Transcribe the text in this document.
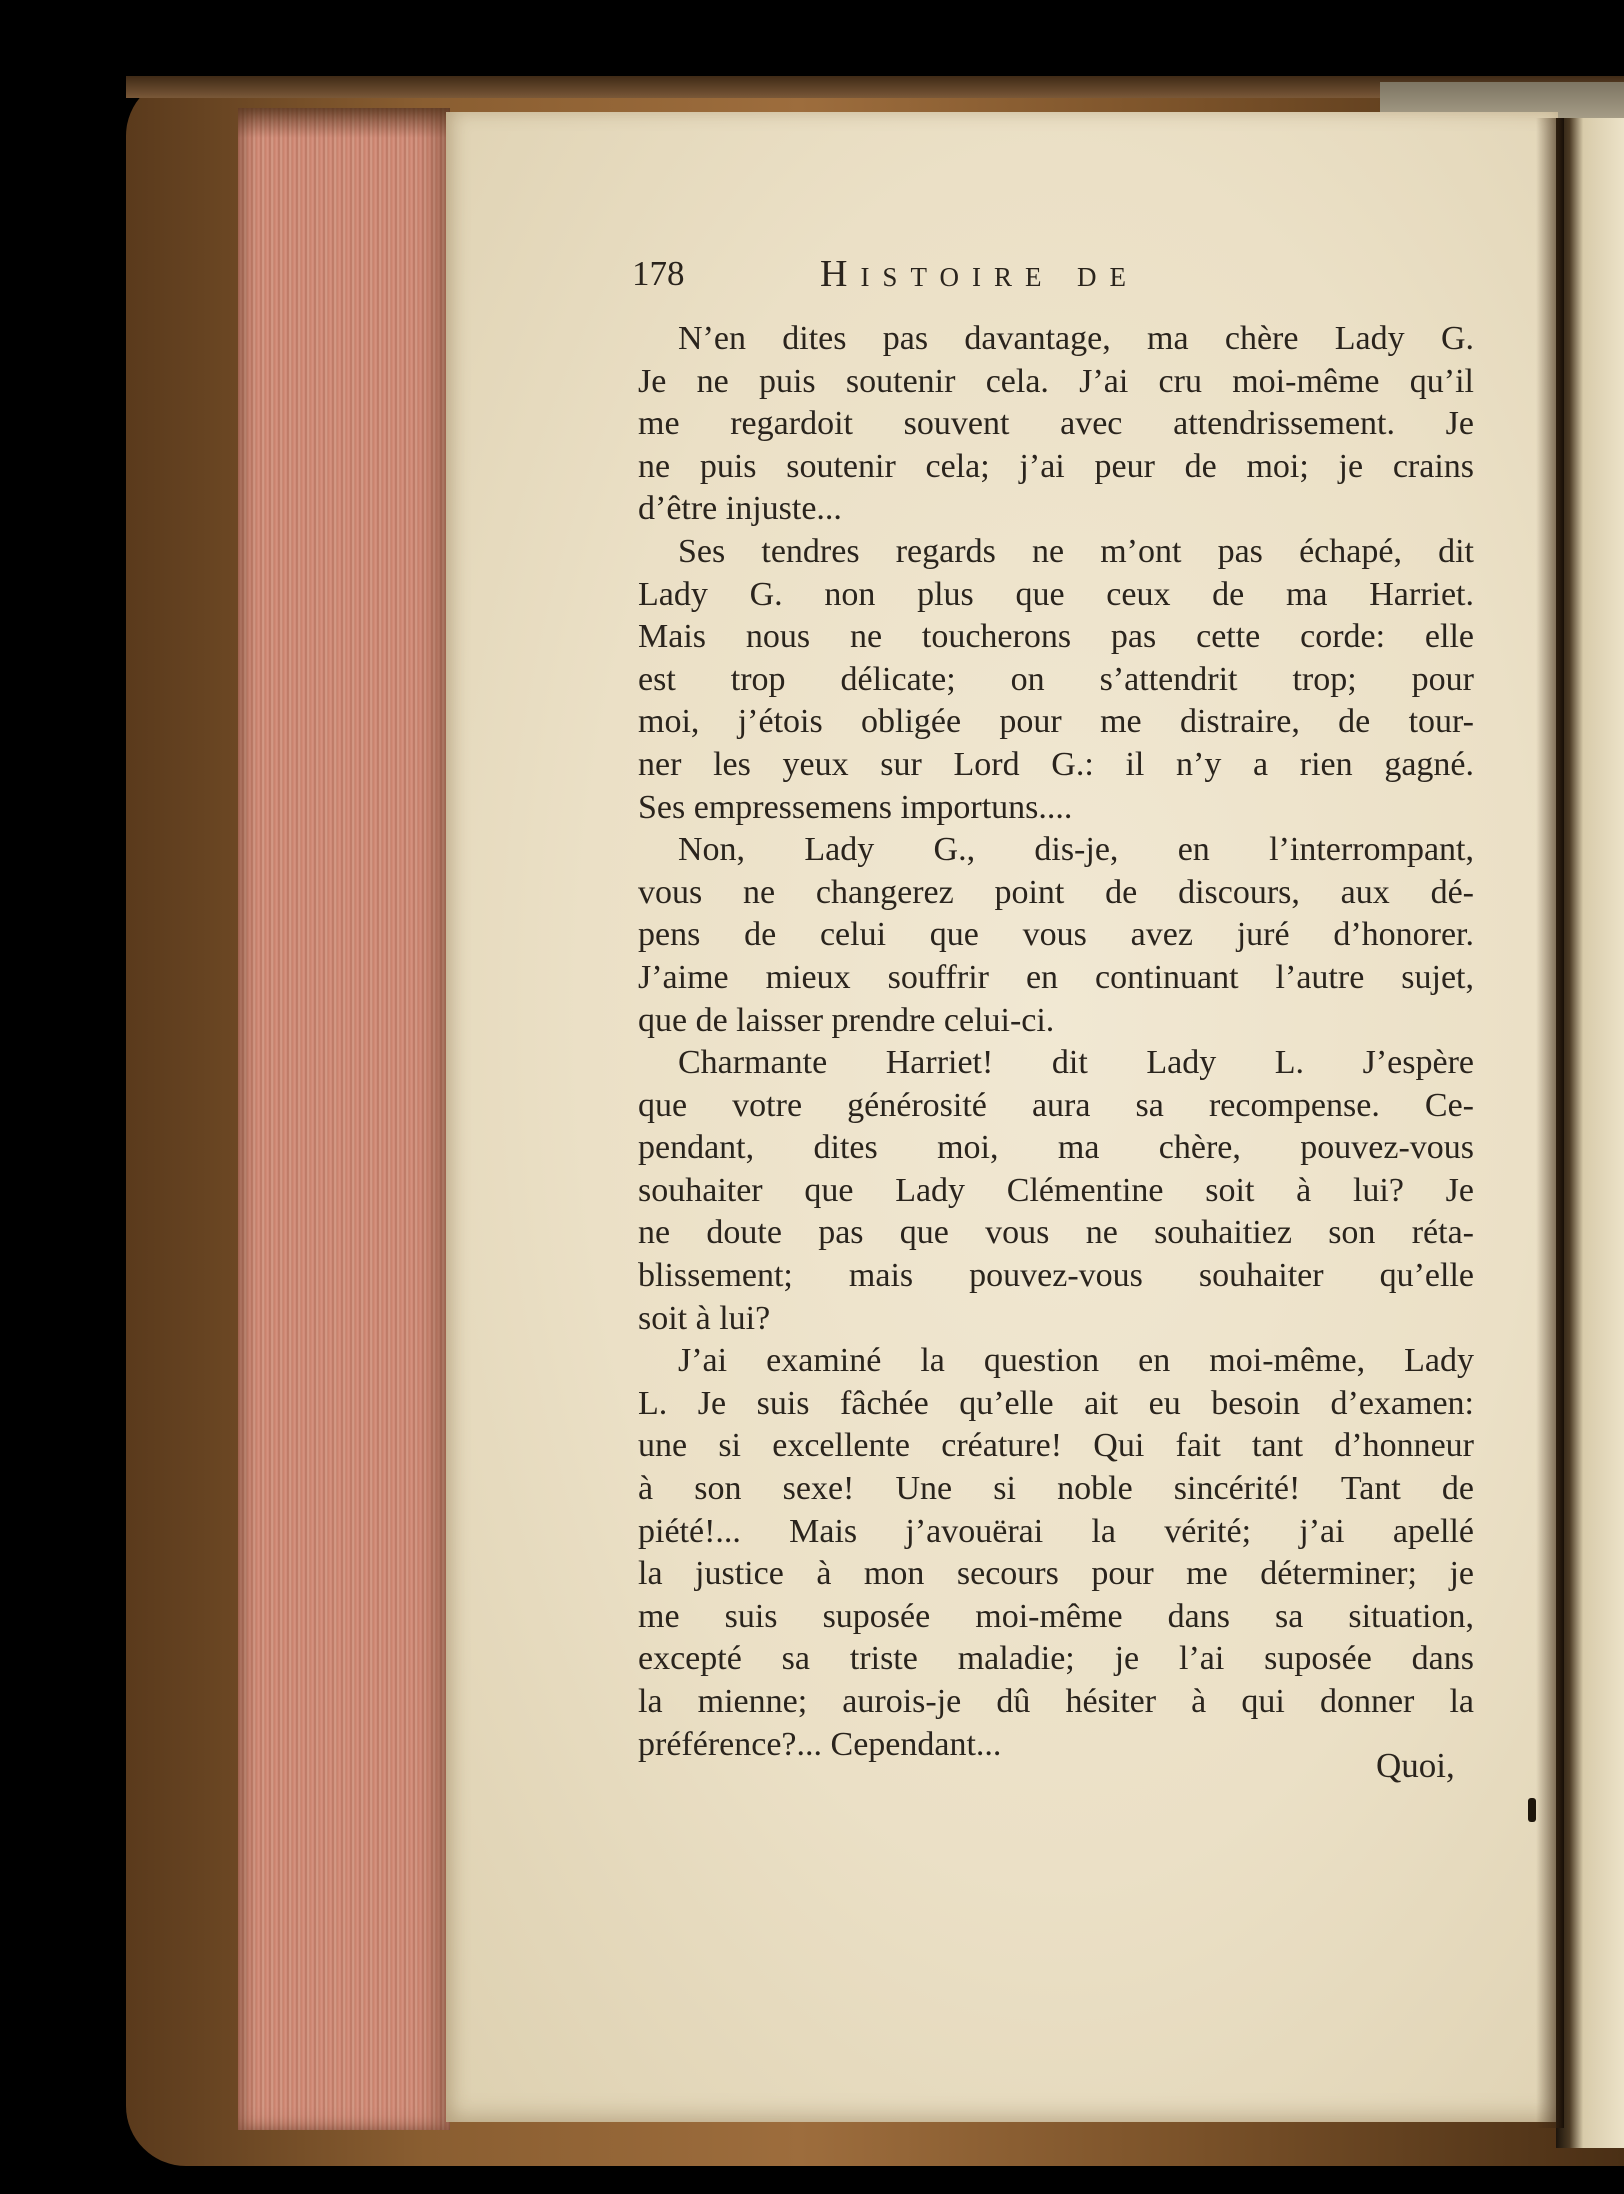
178	Histoire de
N’en dites pas davantage, ma chère Lady G.
Je ne puis soutenir cela. J’ai cru moi-même qu’il
me regardoit souvent avec attendrissement. Je
ne puis soutenir cela; j’ai peur de moi; je crains
d’être injuste...
Ses tendres regards ne m’ont pas échapé, dit
Lady G. non plus que ceux de ma Harriet.
Mais nous ne toucherons pas cette corde: elle
est trop délicate; on s’attendrit trop; pour
moi, j’étois obligée pour me distraire, de tour-
ner les yeux sur Lord G.: il n’y a rien gagné.
Ses empressemens importuns....
Non, Lady G., dis-je, en l’interrompant,
vous ne changerez point de discours, aux dé-
pens de celui que vous avez juré d’honorer.
J’aime mieux souffrir en continuant l’autre sujet,
que de laisser prendre celui-ci.
Charmante Harriet! dit Lady L. J’espère
que votre générosité aura sa recompense. Ce-
pendant, dites moi, ma chère, pouvez-vous
souhaiter que Lady Clémentine soit à lui? Je
ne doute pas que vous ne souhaitiez son réta-
blissement; mais pouvez-vous souhaiter qu’elle
soit à lui?
J’ai examiné la question en moi-même, Lady
L. Je suis fâchée qu’elle ait eu besoin d’examen:
une si excellente créature! Qui fait tant d’honneur
à son sexe! Une si noble sincérité! Tant de
piété!... Mais j’avouërai la vérité; j’ai apellé
la justice à mon secours pour me déterminer; je
me suis suposée moi-même dans sa situation,
excepté sa triste maladie; je l’ai suposée dans
la mienne; aurois-je dû hésiter à qui donner la
préférence?... Cependant...
Quoi,
